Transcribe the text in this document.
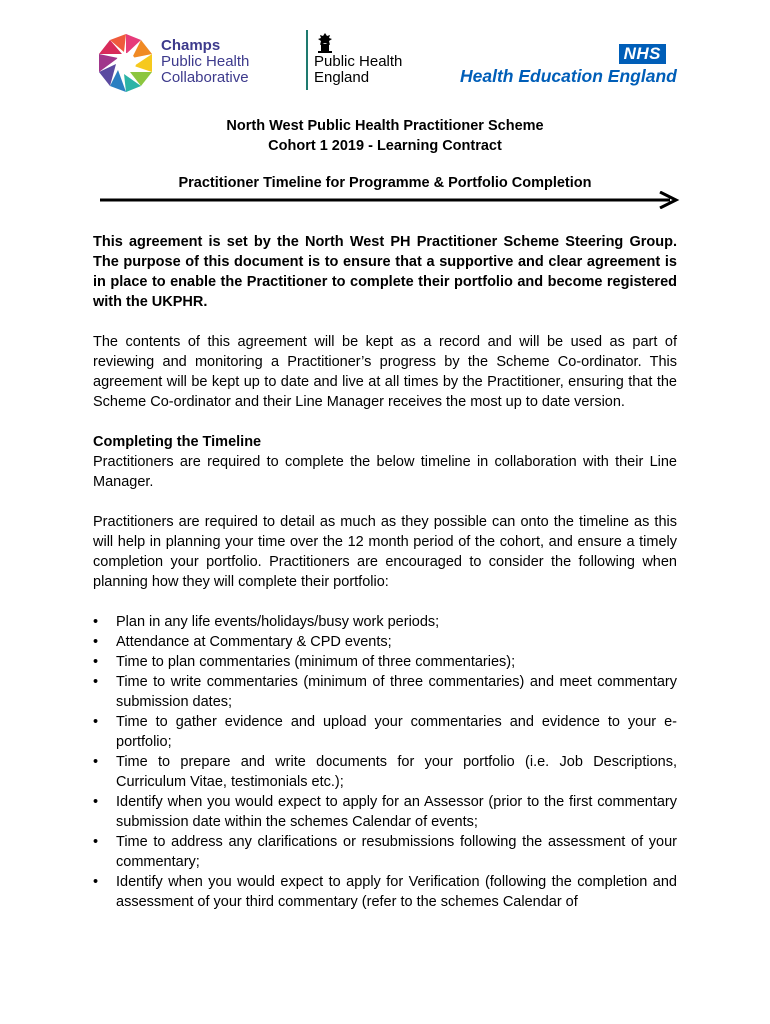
Champs
Public Health
Collaborative
Public Health
England
NHS
Health Education England
North West Public Health Practitioner Scheme
Cohort 1 2019 - Learning Contract
Practitioner Timeline for Programme & Portfolio Completion

This agreement is set by the North West PH Practitioner Scheme Steering Group. The purpose of this document is to ensure that a supportive and clear agreement is in place to enable the Practitioner to complete their portfolio and become registered with the UKPHR.

The contents of this agreement will be kept as a record and will be used as part of reviewing and monitoring a Practitioner’s progress by the Scheme Co-ordinator. This agreement will be kept up to date and live at all times by the Practitioner, ensuring that the Scheme Co-ordinator and their Line Manager receives the most up to date version.

Completing the Timeline

Practitioners are required to complete the below timeline in collaboration with their Line Manager.

Practitioners are required to detail as much as they possible can onto the timeline as this will help in planning your time over the 12 month period of the cohort, and ensure a timely completion your portfolio. Practitioners are encouraged to consider the following when planning how they will complete their portfolio:

• Plan in any life events/holidays/busy work periods;
• Attendance at Commentary & CPD events;
• Time to plan commentaries (minimum of three commentaries);
• Time to write commentaries (minimum of three commentaries) and meet commentary submission dates;
• Time to gather evidence and upload your commentaries and evidence to your e-portfolio;
• Time to prepare and write documents for your portfolio (i.e. Job Descriptions, Curriculum Vitae, testimonials etc.);
• Identify when you would expect to apply for an Assessor (prior to the first commentary submission date within the schemes Calendar of events;
• Time to address any clarifications or resubmissions following the assessment of your commentary;
• Identify when you would expect to apply for Verification (following the completion and assessment of your third commentary (refer to the schemes Calendar of
